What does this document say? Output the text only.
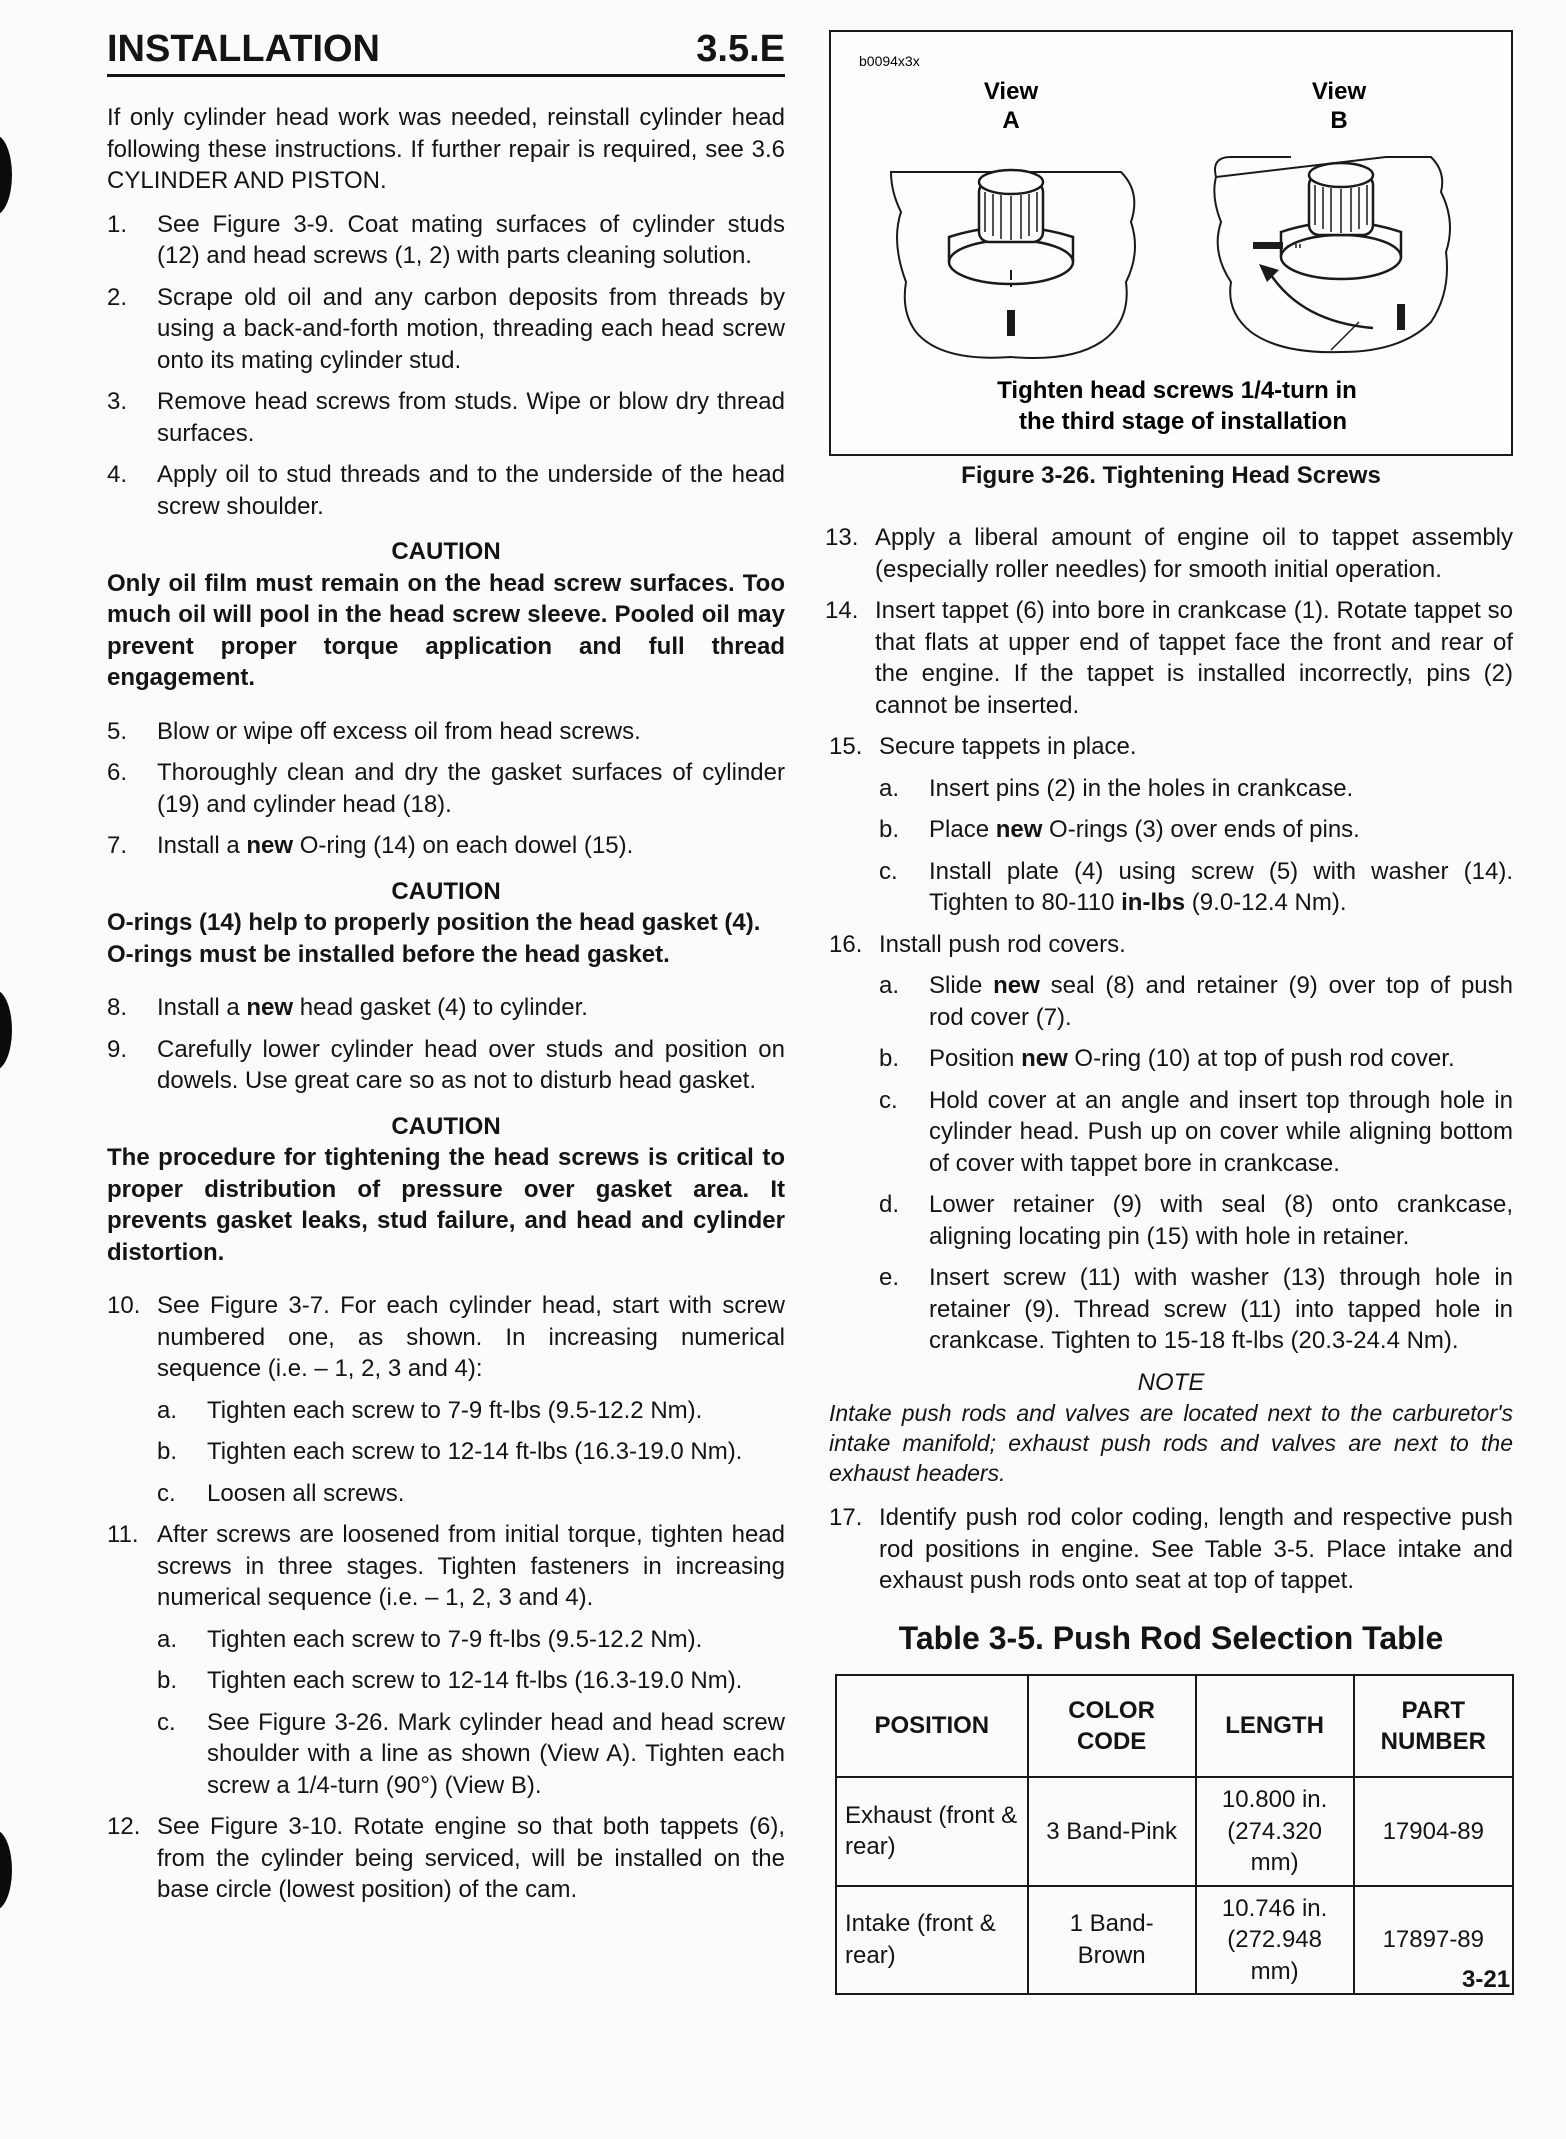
INSTALLATION	3.5.E

If only cylinder head work was needed, reinstall cylinder head following these instructions. If further repair is required, see 3.6 CYLINDER AND PISTON.

1.	See Figure 3-9. Coat mating surfaces of cylinder studs (12) and head screws (1, 2) with parts cleaning solution.
2.	Scrape old oil and any carbon deposits from threads by using a back-and-forth motion, threading each head screw onto its mating cylinder stud.
3.	Remove head screws from studs. Wipe or blow dry thread surfaces.
4.	Apply oil to stud threads and to the underside of the head screw shoulder.

CAUTION

Only oil film must remain on the head screw surfaces. Too much oil will pool in the head screw sleeve. Pooled oil may prevent proper torque application and full thread engagement.

5.	Blow or wipe off excess oil from head screws.
6.	Thoroughly clean and dry the gasket surfaces of cylinder (19) and cylinder head (18).
7.	Install a new O-ring (14) on each dowel (15).

CAUTION

O-rings (14) help to properly position the head gasket (4). O-rings must be installed before the head gasket.

8.	Install a new head gasket (4) to cylinder.
9.	Carefully lower cylinder head over studs and position on dowels. Use great care so as not to disturb head gasket.

CAUTION

The procedure for tightening the head screws is critical to proper distribution of pressure over gasket area. It prevents gasket leaks, stud failure, and head and cylinder distortion.

10. See Figure 3-7. For each cylinder head, start with screw numbered one, as shown. In increasing numerical sequence (i.e. – 1, 2, 3 and 4):
a.	Tighten each screw to 7-9 ft-lbs (9.5-12.2 Nm).
b.	Tighten each screw to 12-14 ft-lbs (16.3-19.0 Nm).
c.	Loosen all screws.
11. After screws are loosened from initial torque, tighten head screws in three stages. Tighten fasteners in increasing numerical sequence (i.e. – 1, 2, 3 and 4).
a.	Tighten each screw to 7-9 ft-lbs (9.5-12.2 Nm).
b.	Tighten each screw to 12-14 ft-lbs (16.3-19.0 Nm).
c.	See Figure 3-26. Mark cylinder head and head screw shoulder with a line as shown (View A). Tighten each screw a 1/4-turn (90°) (View B).
12. See Figure 3-10. Rotate engine so that both tappets (6), from the cylinder being serviced, will be installed on the base circle (lowest position) of the cam.
b0094x3x
View
A
View
B
Tighten head screws 1/4-turn in
the third stage of installation

Figure 3-26. Tightening Head Screws

13. Apply a liberal amount of engine oil to tappet assembly (especially roller needles) for smooth initial operation.
14. Insert tappet (6) into bore in crankcase (1). Rotate tappet so that flats at upper end of tappet face the front and rear of the engine. If the tappet is installed incorrectly, pins (2) cannot be inserted.
15. Secure tappets in place.
a.	Insert pins (2) in the holes in crankcase.
b.	Place new O-rings (3) over ends of pins.
c.	Install plate (4) using screw (5) with washer (14). Tighten to 80-110 in-lbs (9.0-12.4 Nm).
16. Install push rod covers.
a.	Slide new seal (8) and retainer (9) over top of push rod cover (7).
b.	Position new O-ring (10) at top of push rod cover.
c.	Hold cover at an angle and insert top through hole in cylinder head. Push up on cover while aligning bottom of cover with tappet bore in crankcase.
d.	Lower retainer (9) with seal (8) onto crankcase, aligning locating pin (15) with hole in retainer.
e.	Insert screw (11) with washer (13) through hole in retainer (9). Thread screw (11) into tapped hole in crankcase. Tighten to 15-18 ft-lbs (20.3-24.4 Nm).

NOTE

Intake push rods and valves are located next to the carburetor's intake manifold; exhaust push rods and valves are next to the exhaust headers.

17. Identify push rod color coding, length and respective push rod positions in engine. See Table 3-5. Place intake and exhaust push rods onto seat at top of tappet.

Table 3-5. Push Rod Selection Table

POSITION	COLOR CODE	LENGTH	PART NUMBER
Exhaust (front & rear)	3 Band-Pink	10.800 in. (274.320 mm)	17904-89
Intake (front & rear)	1 Band-Brown	10.746 in. (272.948 mm)	17897-89

3-21
